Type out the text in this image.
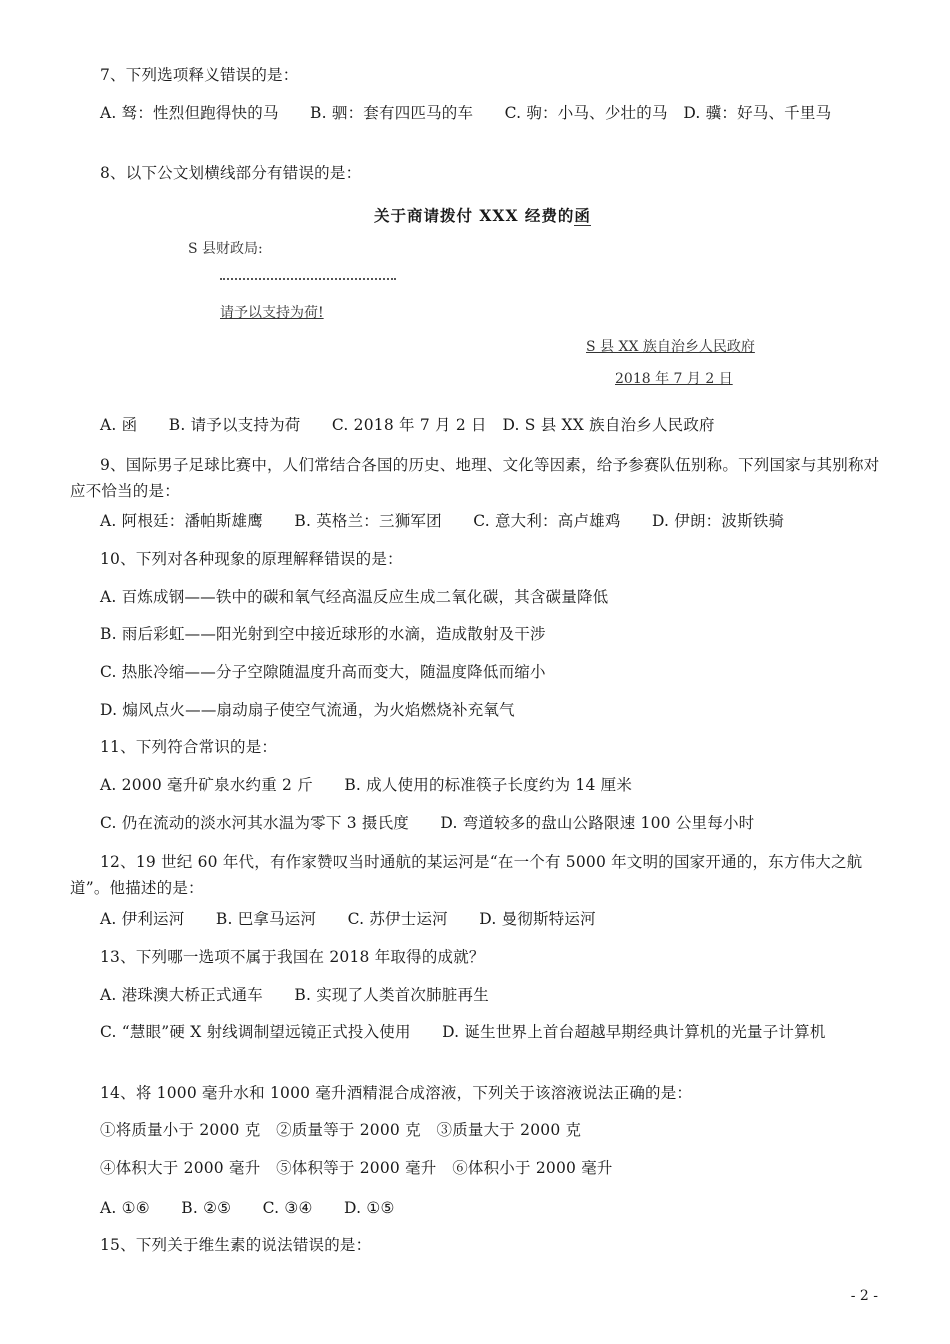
7、下列选项释义错误的是：
A. 驽：性烈但跑得快的马　　B. 驷：套有四匹马的车　　C. 驹：小马、少壮的马　D. 骥：好马、千里马
8、以下公文划横线部分有错误的是：
关于商请拨付 XXX 经费的函
S 县财政局:
请予以支持为荷!
S 县 XX 族自治乡人民政府
2018 年 7 月 2 日
A. 函　　B. 请予以支持为荷　　C. 2018 年 7 月 2 日　D. S 县 XX 族自治乡人民政府
9、国际男子足球比赛中，人们常结合各国的历史、地理、文化等因素，给予参赛队伍别称。下列国家与其别称对应不恰当的是：
A. 阿根廷：潘帕斯雄鹰　　B. 英格兰：三狮军团　　C. 意大利：高卢雄鸡　　D. 伊朗：波斯铁骑
10、下列对各种现象的原理解释错误的是：
A. 百炼成钢——铁中的碳和氧气经高温反应生成二氧化碳，其含碳量降低
B. 雨后彩虹——阳光射到空中接近球形的水滴，造成散射及干涉
C. 热胀冷缩——分子空隙随温度升高而变大，随温度降低而缩小
D. 煽风点火——扇动扇子使空气流通，为火焰燃烧补充氧气
11、下列符合常识的是：
A. 2000 毫升矿泉水约重 2 斤　　B. 成人使用的标准筷子长度约为 14 厘米
C. 仍在流动的淡水河其水温为零下 3 摄氏度　　D. 弯道较多的盘山公路限速 100 公里每小时
12、19 世纪 60 年代，有作家赞叹当时通航的某运河是“在一个有 5000 年文明的国家开通的，东方伟大之航道”。他描述的是：
A. 伊利运河　　B. 巴拿马运河　　C. 苏伊士运河　　D. 曼彻斯特运河
13、下列哪一选项不属于我国在 2018 年取得的成就？
A. 港珠澳大桥正式通车　　B. 实现了人类首次肺脏再生
C. “慧眼”硬 X 射线调制望远镜正式投入使用　　D. 诞生世界上首台超越早期经典计算机的光量子计算机
14、将 1000 毫升水和 1000 毫升酒精混合成溶液，下列关于该溶液说法正确的是：
①将质量小于 2000 克　②质量等于 2000 克　③质量大于 2000 克
④体积大于 2000 毫升　⑤体积等于 2000 毫升　⑥体积小于 2000 毫升
A. ①⑥　　B. ②⑤　　C. ③④　　D. ①⑤
15、下列关于维生素的说法错误的是：
- 2 -
